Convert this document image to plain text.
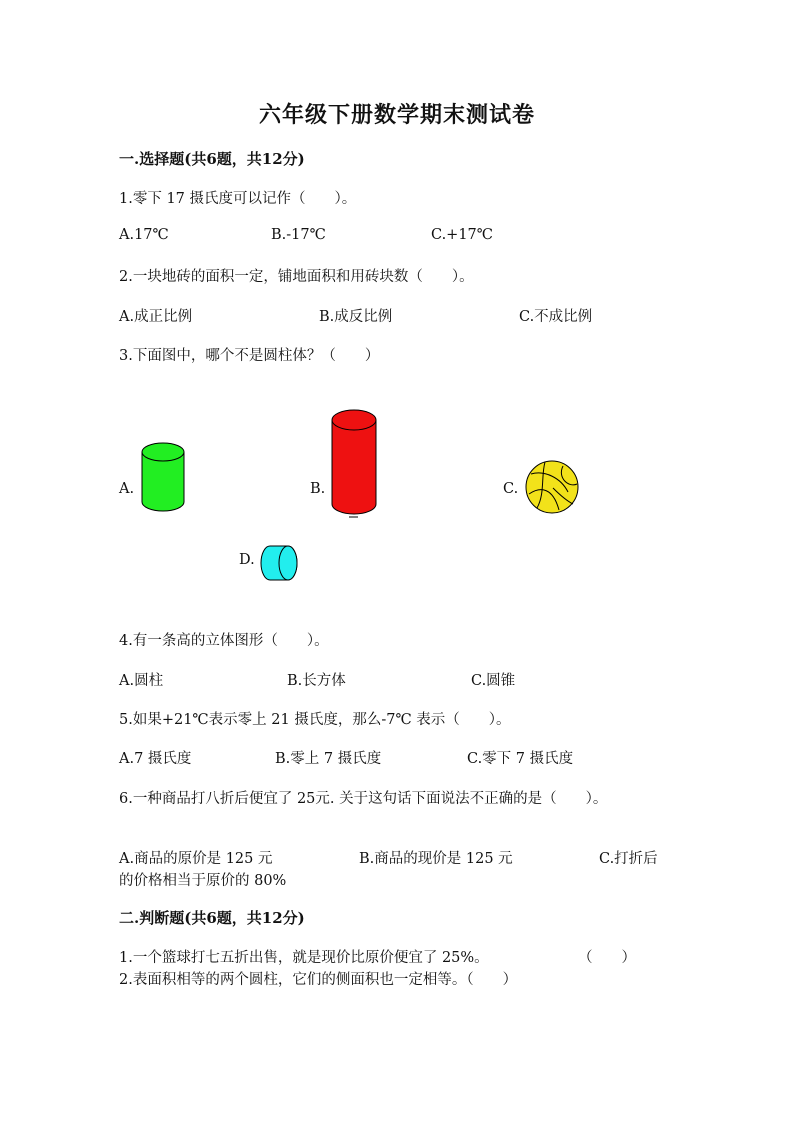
六年级下册数学期末测试卷
一.选择题(共6题，共12分)
1.零下 17 摄氏度可以记作（　　）。
A.17℃	B.-17℃	C.+17℃
2.一块地砖的面积一定，铺地面积和用砖块数（　　）。
A.成正比例	B.成反比例	C.不成比例
3.下面图中，哪个不是圆柱体？（　　）
A.	B.	C.
D.
4.有一条高的立体图形（　　）。
A.圆柱	B.长方体	C.圆锥
5.如果+21℃表示零上 21 摄氏度，那么-7℃ 表示（　　）。
A.7 摄氏度	B.零上 7 摄氏度	C.零下 7 摄氏度
6.一种商品打八折后便宜了 25元. 关于这句话下面说法不正确的是（　　）。
A.商品的原价是 125 元	B.商品的现价是 125 元	C.打折后
的价格相当于原价的 80%
二.判断题(共6题，共12分)
1.一个篮球打七五折出售，就是现价比原价便宜了 25%。	（　　）
2.表面积相等的两个圆柱，它们的侧面积也一定相等。（　　）
